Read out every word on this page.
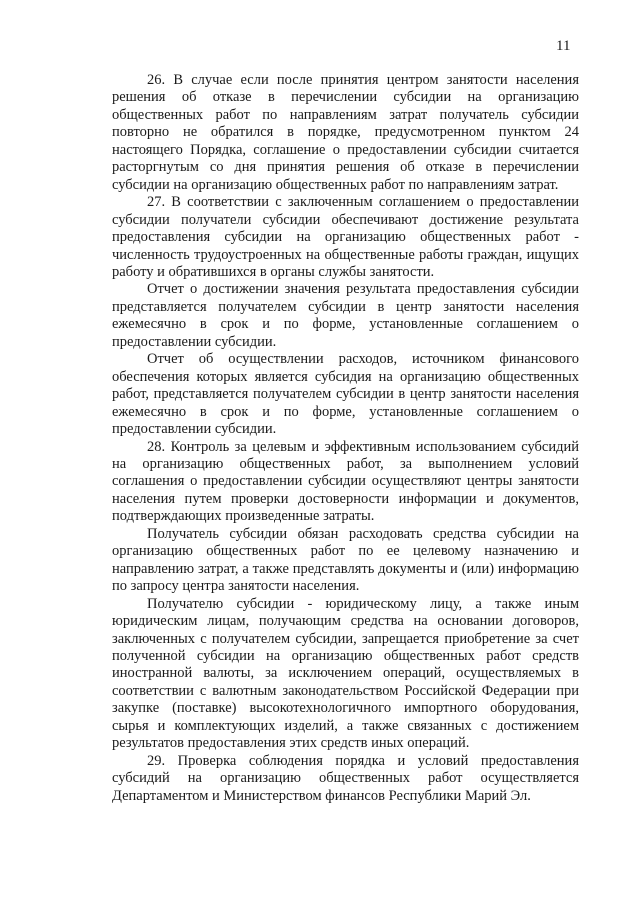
11

26. В случае если после принятия центром занятости населения решения об отказе в перечислении субсидии на организацию общественных работ по направлениям затрат получатель субсидии повторно не обратился в порядке, предусмотренном пунктом 24 настоящего Порядка, соглашение о предоставлении субсидии считается расторгнутым со дня принятия решения об отказе в перечислении субсидии на организацию общественных работ по направлениям затрат.

27. В соответствии с заключенным соглашением о предоставлении субсидии получатели субсидии обеспечивают достижение результата предоставления субсидии на организацию общественных работ - численность трудоустроенных на общественные работы граждан, ищущих работу и обратившихся в органы службы занятости.

Отчет о достижении значения результата предоставления субсидии представляется получателем субсидии в центр занятости населения ежемесячно в срок и по форме, установленные соглашением о предоставлении субсидии.

Отчет об осуществлении расходов, источником финансового обеспечения которых является субсидия на организацию общественных работ, представляется получателем субсидии в центр занятости населения ежемесячно в срок и по форме, установленные соглашением о предоставлении субсидии.

28. Контроль за целевым и эффективным использованием субсидий на организацию общественных работ, за выполнением условий соглашения о предоставлении субсидии осуществляют центры занятости населения путем проверки достоверности информации и документов, подтверждающих произведенные затраты.

Получатель субсидии обязан расходовать средства субсидии на организацию общественных работ по ее целевому назначению и направлению затрат, а также представлять документы и (или) информацию по запросу центра занятости населения.

Получателю субсидии - юридическому лицу, а также иным юридическим лицам, получающим средства на основании договоров, заключенных с получателем субсидии, запрещается приобретение за счет полученной субсидии на организацию общественных работ средств иностранной валюты, за исключением операций, осуществляемых в соответствии с валютным законодательством Российской Федерации при закупке (поставке) высокотехнологичного импортного оборудования, сырья и комплектующих изделий, а также связанных с достижением результатов предоставления этих средств иных операций.

29. Проверка соблюдения порядка и условий предоставления субсидий на организацию общественных работ осуществляется Департаментом и Министерством финансов Республики Марий Эл.
